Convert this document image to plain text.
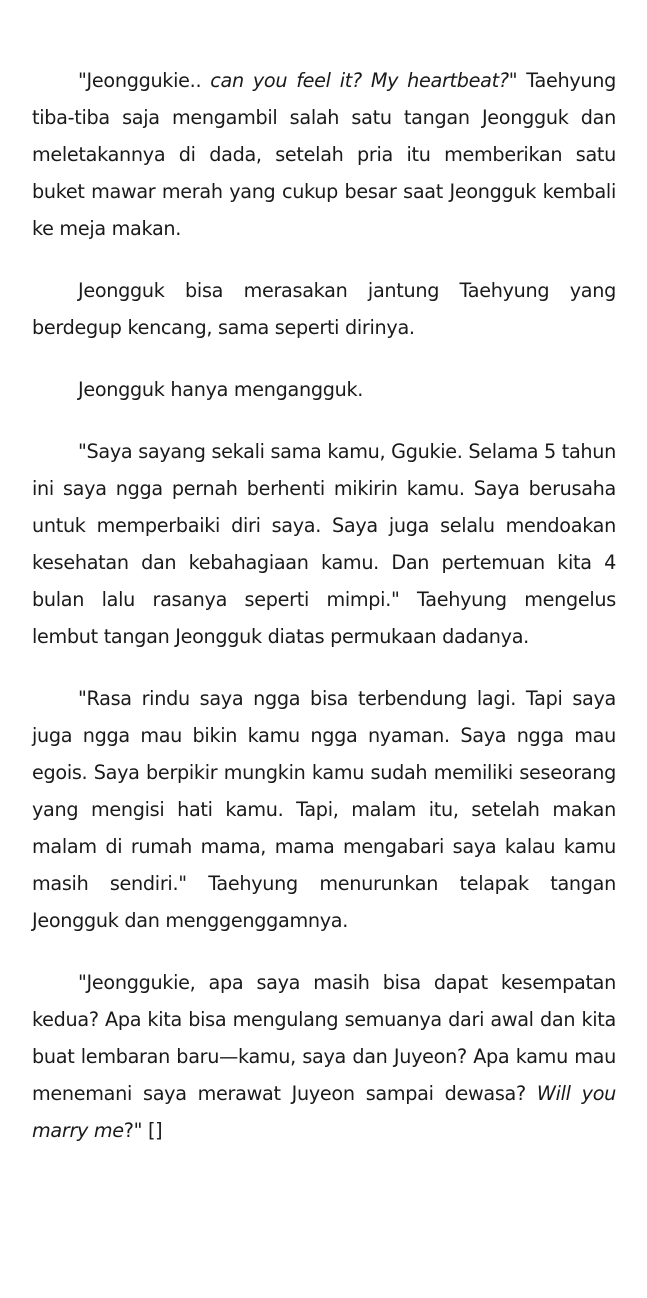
"Jeonggukie.. can you feel it? My heartbeat?" Taehyung tiba-tiba saja mengambil salah satu tangan Jeongguk dan meletakannya di dada, setelah pria itu memberikan satu buket mawar merah yang cukup besar saat Jeongguk kembali ke meja makan.

Jeongguk bisa merasakan jantung Taehyung yang berdegup kencang, sama seperti dirinya.

Jeongguk hanya mengangguk.

"Saya sayang sekali sama kamu, Ggukie. Selama 5 tahun ini saya ngga pernah berhenti mikirin kamu. Saya berusaha untuk memperbaiki diri saya. Saya juga selalu mendoakan kesehatan dan kebahagiaan kamu. Dan pertemuan kita 4 bulan lalu rasanya seperti mimpi." Taehyung mengelus lembut tangan Jeongguk diatas permukaan dadanya.

"Rasa rindu saya ngga bisa terbendung lagi. Tapi saya juga ngga mau bikin kamu ngga nyaman. Saya ngga mau egois. Saya berpikir mungkin kamu sudah memiliki seseorang yang mengisi hati kamu. Tapi, malam itu, setelah makan malam di rumah mama, mama mengabari saya kalau kamu masih sendiri." Taehyung menurunkan telapak tangan Jeongguk dan menggenggamnya.

"Jeonggukie, apa saya masih bisa dapat kesempatan kedua? Apa kita bisa mengulang semuanya dari awal dan kita buat lembaran baru—kamu, saya dan Juyeon? Apa kamu mau menemani saya merawat Juyeon sampai dewasa? Will you marry me?" []
